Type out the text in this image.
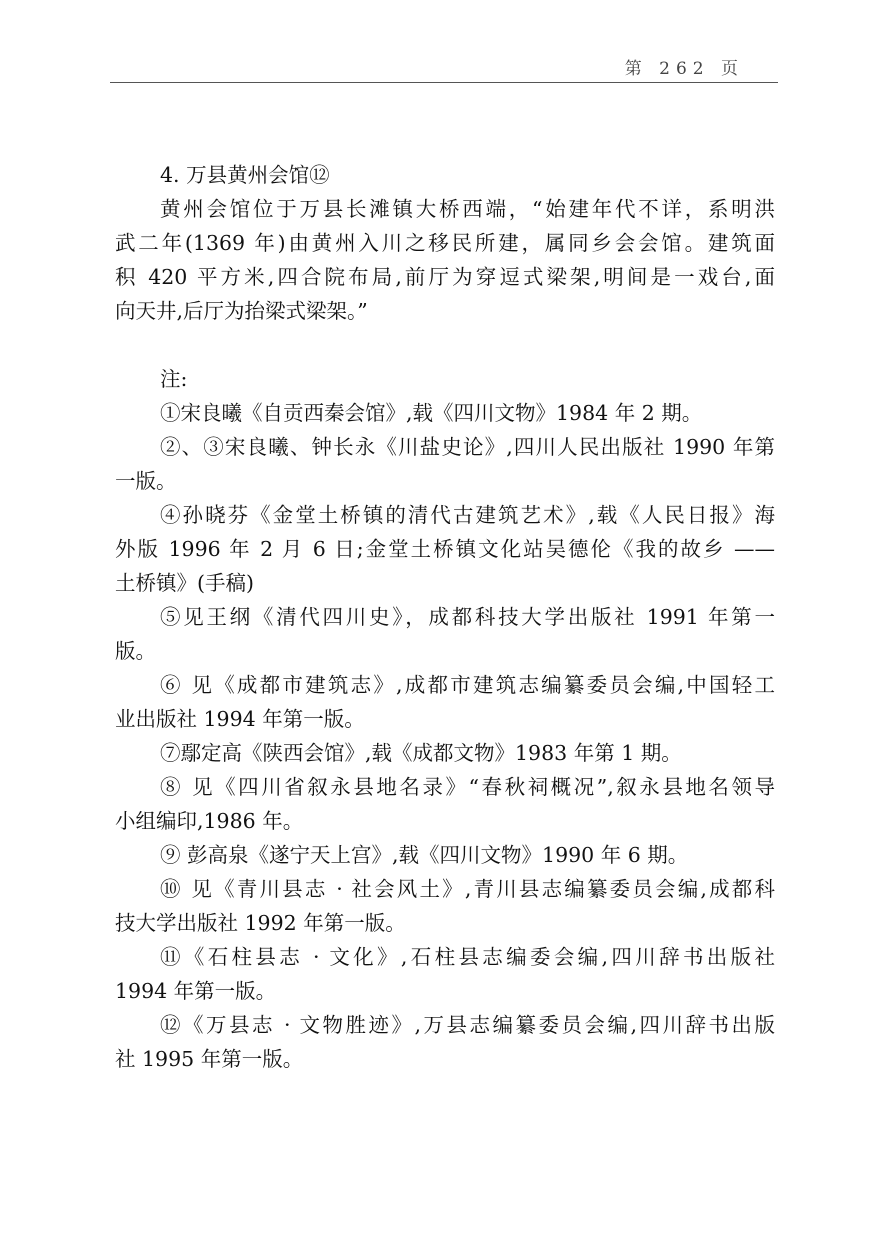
第 262 页
4. 万县黄州会馆⑫
黄州会馆位于万县长滩镇大桥西端，“始建年代不详，系明洪
武二年(1369 年)由黄州入川之移民所建，属同乡会会馆。建筑面
积 420 平方米,四合院布局,前厅为穿逗式梁架,明间是一戏台,面
向天井,后厅为抬梁式梁架。”
注:
①宋良曦《自贡西秦会馆》,载《四川文物》1984 年 2 期。
②、③宋良曦、钟长永《川盐史论》,四川人民出版社 1990 年第
一版。
④孙晓芬《金堂土桥镇的清代古建筑艺术》,载《人民日报》海
外版 1996 年 2 月 6 日;金堂土桥镇文化站吴德伦《我的故乡 ——
土桥镇》(手稿)
⑤见王纲《清代四川史》，成都科技大学出版社 1991 年第一
版。
⑥ 见《成都市建筑志》,成都市建筑志编纂委员会编,中国轻工
业出版社 1994 年第一版。
⑦鄢定高《陕西会馆》,载《成都文物》1983 年第 1 期。
⑧ 见《四川省叙永县地名录》“春秋祠概况”,叙永县地名领导
小组编印,1986 年。
⑨ 彭高泉《遂宁天上宫》,载《四川文物》1990 年 6 期。
⑩ 见《青川县志 · 社会风土》,青川县志编纂委员会编,成都科
技大学出版社 1992 年第一版。
⑪《石柱县志 · 文化》,石柱县志编委会编,四川辞书出版社
1994 年第一版。
⑫《万县志 · 文物胜迹》,万县志编纂委员会编,四川辞书出版
社 1995 年第一版。
